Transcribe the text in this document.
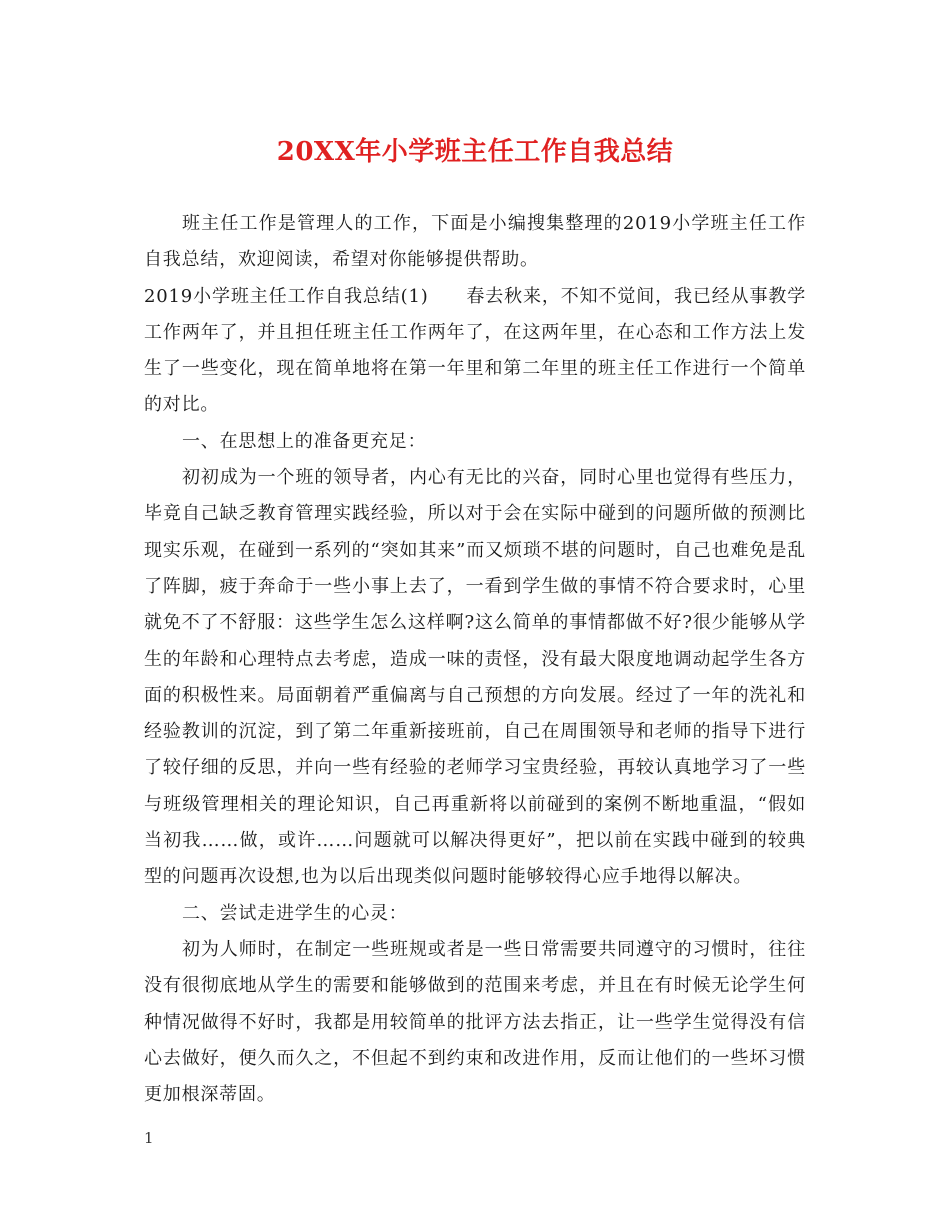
20XX年小学班主任工作自我总结

班主任工作是管理人的工作，下面是小编搜集整理的2019小学班主任工作自我总结，欢迎阅读，希望对你能够提供帮助。

2019小学班主任工作自我总结(1)　　春去秋来，不知不觉间，我已经从事教学工作两年了，并且担任班主任工作两年了，在这两年里，在心态和工作方法上发生了一些变化，现在简单地将在第一年里和第二年里的班主任工作进行一个简单的对比。

一、在思想上的准备更充足：

初初成为一个班的领导者，内心有无比的兴奋，同时心里也觉得有些压力，毕竟自己缺乏教育管理实践经验，所以对于会在实际中碰到的问题所做的预测比现实乐观，在碰到一系列的“突如其来”而又烦琐不堪的问题时，自己也难免是乱了阵脚，疲于奔命于一些小事上去了，一看到学生做的事情不符合要求时，心里就免不了不舒服：这些学生怎么这样啊?这么简单的事情都做不好?很少能够从学生的年龄和心理特点去考虑，造成一味的责怪，没有最大限度地调动起学生各方面的积极性来。局面朝着严重偏离与自己预想的方向发展。经过了一年的洗礼和经验教训的沉淀，到了第二年重新接班前，自己在周围领导和老师的指导下进行了较仔细的反思，并向一些有经验的老师学习宝贵经验，再较认真地学习了一些与班级管理相关的理论知识，自己再重新将以前碰到的案例不断地重温，“假如当初我……做，或许……问题就可以解决得更好”，把以前在实践中碰到的较典型的问题再次设想,也为以后出现类似问题时能够较得心应手地得以解决。

二、尝试走进学生的心灵：

初为人师时，在制定一些班规或者是一些日常需要共同遵守的习惯时，往往没有很彻底地从学生的需要和能够做到的范围来考虑，并且在有时候无论学生何种情况做得不好时，我都是用较简单的批评方法去指正，让一些学生觉得没有信心去做好，便久而久之，不但起不到约束和改进作用，反而让他们的一些坏习惯更加根深蒂固。

1
